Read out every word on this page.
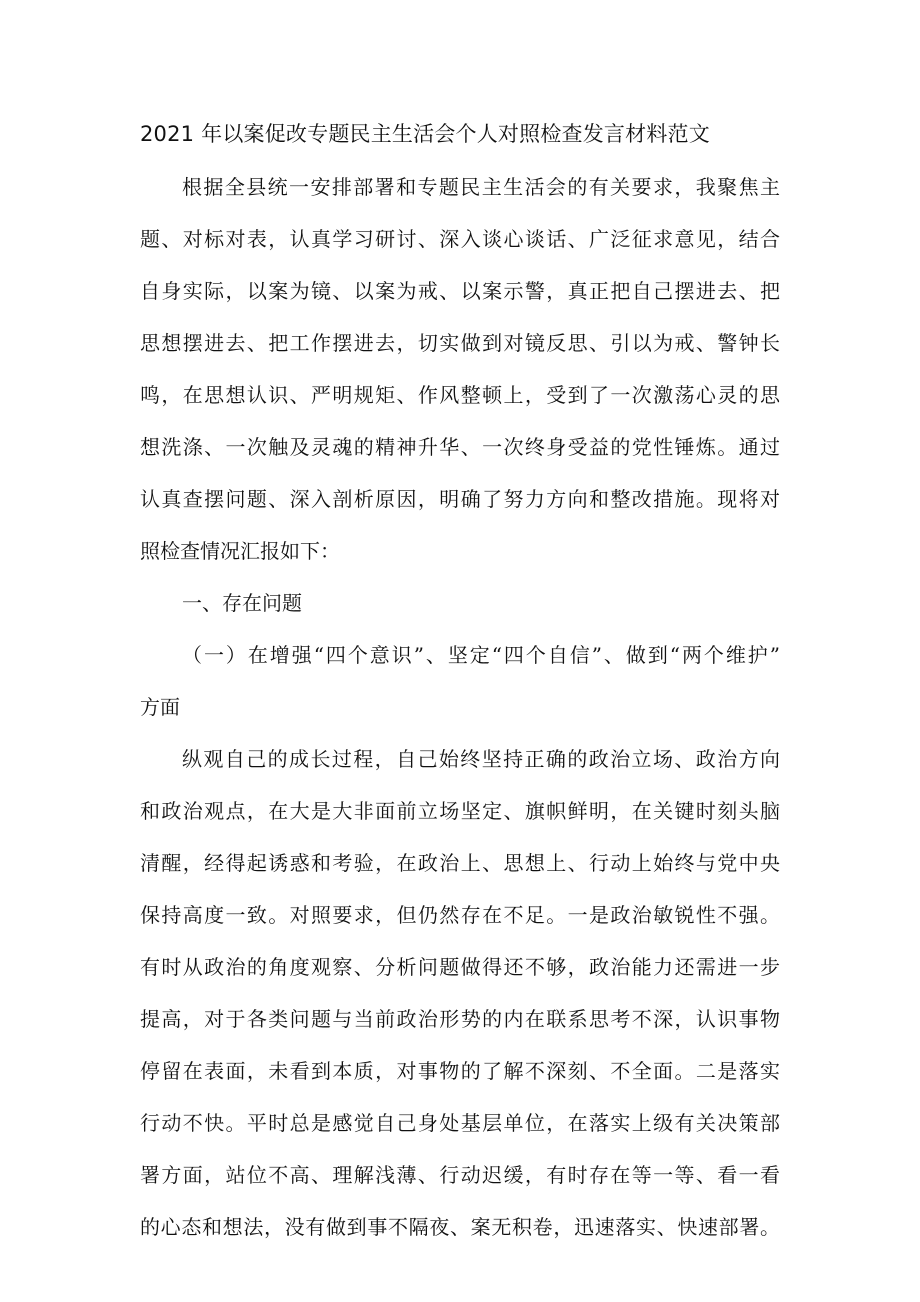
2021 年以案促改专题民主生活会个人对照检查发言材料范文
根据全县统一安排部署和专题民主生活会的有关要求，我聚焦主
题、对标对表，认真学习研讨、深入谈心谈话、广泛征求意见，结合
自身实际，以案为镜、以案为戒、以案示警，真正把自己摆进去、把
思想摆进去、把工作摆进去，切实做到对镜反思、引以为戒、警钟长
鸣，在思想认识、严明规矩、作风整顿上，受到了一次激荡心灵的思
想洗涤、一次触及灵魂的精神升华、一次终身受益的党性锤炼。通过
认真查摆问题、深入剖析原因，明确了努力方向和整改措施。现将对
照检查情况汇报如下：
一、存在问题
（一）在增强“四个意识”、坚定“四个自信”、做到“两个维护”
方面
纵观自己的成长过程，自己始终坚持正确的政治立场、政治方向
和政治观点，在大是大非面前立场坚定、旗帜鲜明，在关键时刻头脑
清醒，经得起诱惑和考验，在政治上、思想上、行动上始终与党中央
保持高度一致。对照要求，但仍然存在不足。一是政治敏锐性不强。
有时从政治的角度观察、分析问题做得还不够，政治能力还需进一步
提高，对于各类问题与当前政治形势的内在联系思考不深，认识事物
停留在表面，未看到本质，对事物的了解不深刻、不全面。二是落实
行动不快。平时总是感觉自己身处基层单位，在落实上级有关决策部
署方面，站位不高、理解浅薄、行动迟缓，有时存在等一等、看一看
的心态和想法，没有做到事不隔夜、案无积卷，迅速落实、快速部署。
